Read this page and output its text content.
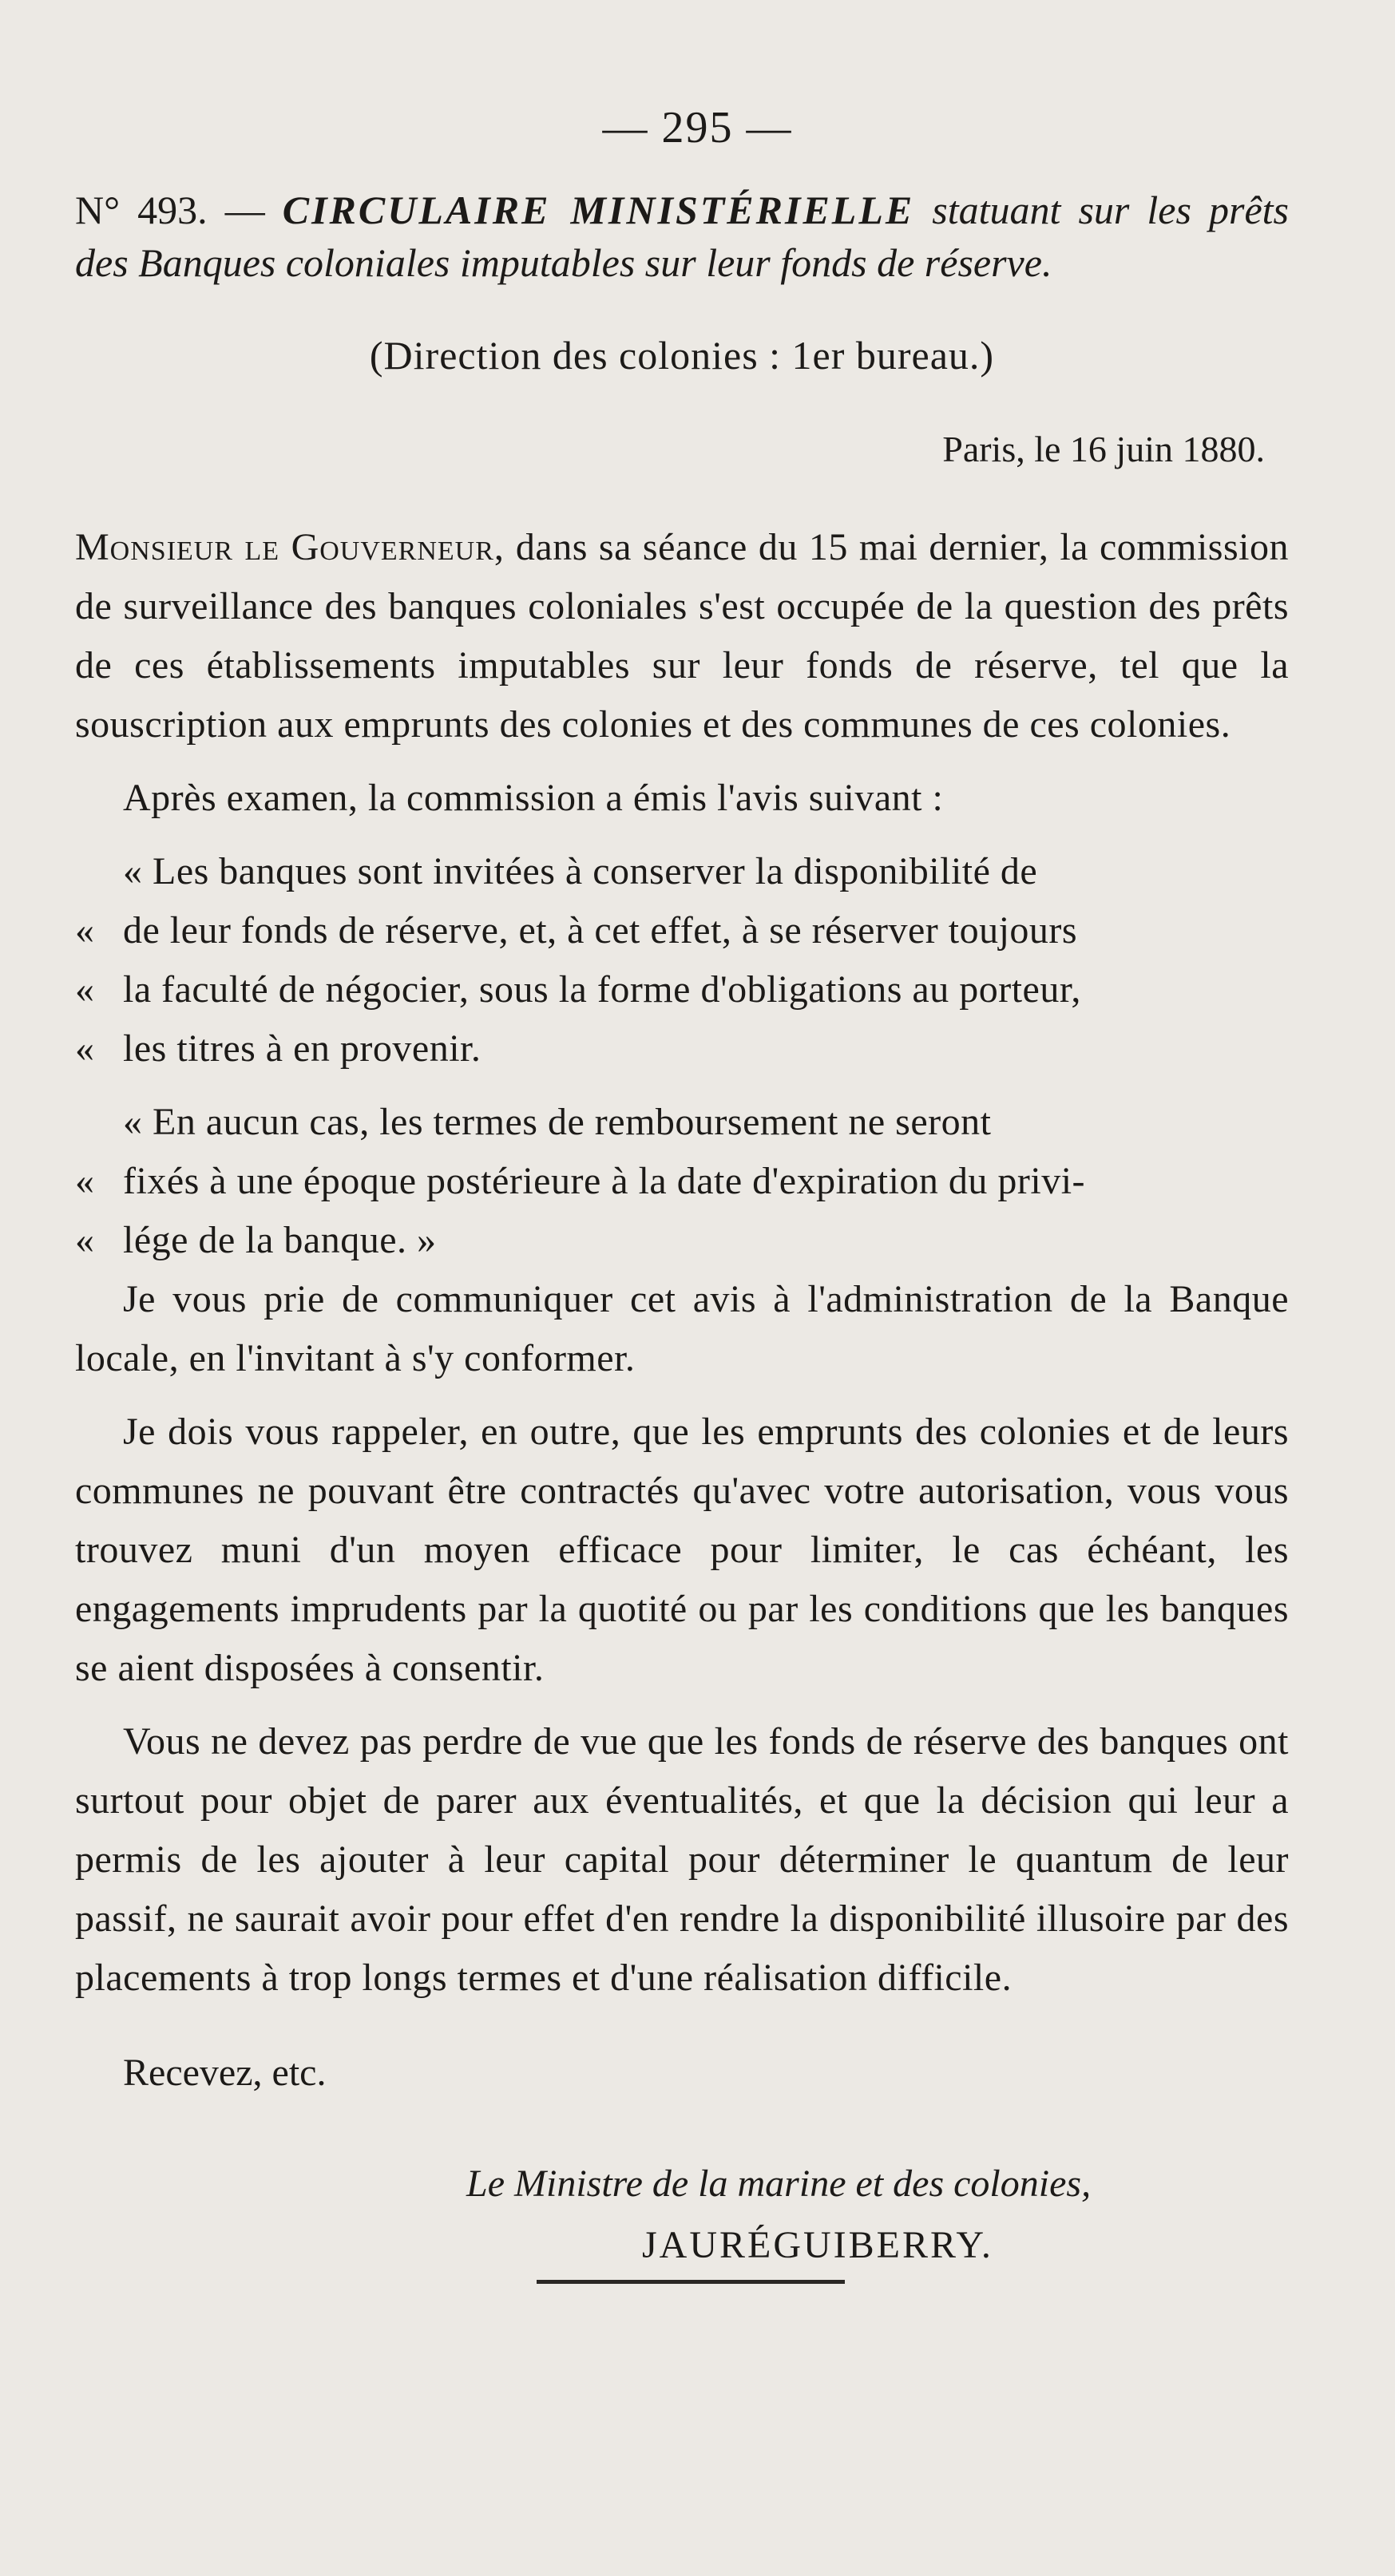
— 295 —

N° 493. — CIRCULAIRE MINISTÉRIELLE statuant sur les prêts des Banques coloniales imputables sur leur fonds de réserve.

(Direction des colonies : 1er bureau.)
Paris, le 16 juin 1880.

Monsieur le Gouverneur, dans sa séance du 15 mai dernier, la commission de surveillance des banques coloniales s'est occupée de la question des prêts de ces établissements imputables sur leur fonds de réserve, tel que la souscription aux emprunts des colonies et des communes de ces colonies.

Après examen, la commission a émis l'avis suivant :

« Les banques sont invitées à conserver la disponibilité de
« de leur fonds de réserve, et, à cet effet, à se réserver toujours
« la faculté de négocier, sous la forme d'obligations au porteur,
« les titres à en provenir.
« En aucun cas, les termes de remboursement ne seront
« fixés à une époque postérieure à la date d'expiration du privi-
« lége de la banque. »

Je vous prie de communiquer cet avis à l'administration de la Banque locale, en l'invitant à s'y conformer.

Je dois vous rappeler, en outre, que les emprunts des colonies et de leurs communes ne pouvant être contractés qu'avec votre autorisation, vous vous trouvez muni d'un moyen efficace pour limiter, le cas échéant, les engagements imprudents par la quotité ou par les conditions que les banques se aient disposées à consentir.

Vous ne devez pas perdre de vue que les fonds de réserve des banques ont surtout pour objet de parer aux éventualités, et que la décision qui leur a permis de les ajouter à leur capital pour déterminer le quantum de leur passif, ne saurait avoir pour effet d'en rendre la disponibilité illusoire par des placements à trop longs termes et d'une réalisation difficile.

Recevez, etc.
Le Ministre de la marine et des colonies,
JAURÉGUIBERRY.
